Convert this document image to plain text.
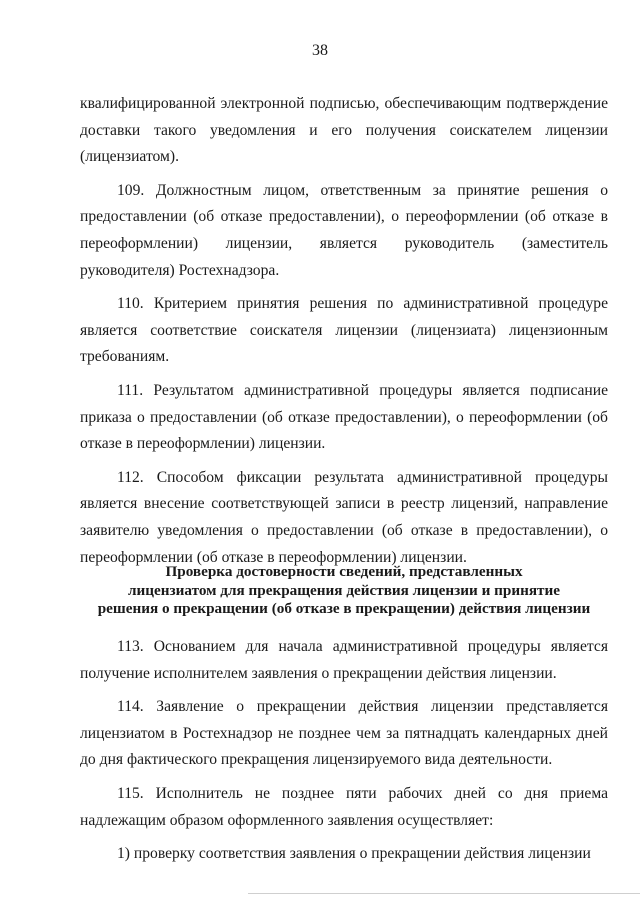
38

квалифицированной электронной подписью, обеспечивающим подтверждение доставки такого уведомления и его получения соискателем лицензии (лицензиатом).

109. Должностным лицом, ответственным за принятие решения о предоставлении (об отказе предоставлении), о переоформлении (об отказе в переоформлении) лицензии, является руководитель (заместитель руководителя) Ростехнадзора.

110. Критерием принятия решения по административной процедуре является соответствие соискателя лицензии (лицензиата) лицензионным требованиям.

111. Результатом административной процедуры является подписание приказа о предоставлении (об отказе предоставлении), о переоформлении (об отказе в переоформлении) лицензии.

112. Способом фиксации результата административной процедуры является внесение соответствующей записи в реестр лицензий, направление заявителю уведомления о предоставлении (об отказе в предоставлении), о переоформлении (об отказе в переоформлении) лицензии.

Проверка достоверности сведений, представленных
лицензиатом для прекращения действия лицензии и принятие
решения о прекращении (об отказе в прекращении) действия лицензии

113. Основанием для начала административной процедуры является получение исполнителем заявления о прекращении действия лицензии.

114. Заявление о прекращении действия лицензии представляется лицензиатом в Ростехнадзор не позднее чем за пятнадцать календарных дней до дня фактического прекращения лицензируемого вида деятельности.

115. Исполнитель не позднее пяти рабочих дней со дня приема надлежащим образом оформленного заявления осуществляет:

1) проверку соответствия заявления о прекращении действия лицензии
